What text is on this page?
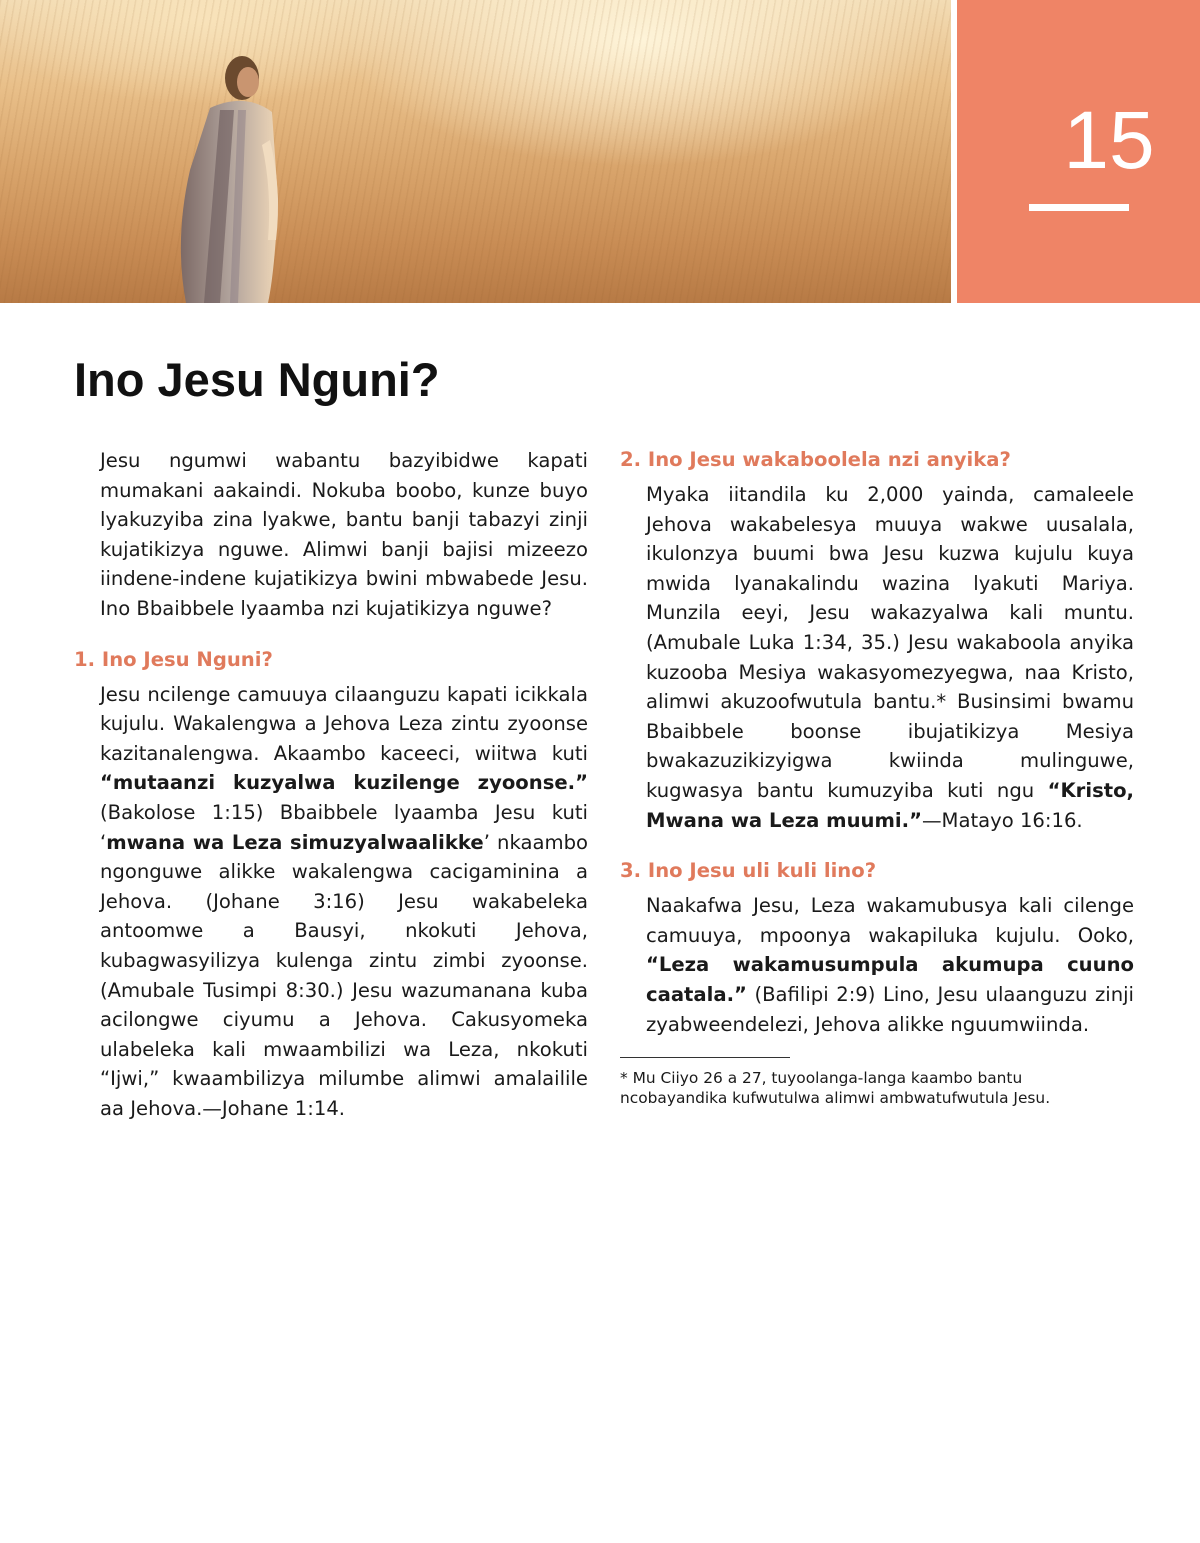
15
Ino Jesu Nguni?

Jesu ngumwi wabantu bazyibidwe kapati mumakani aakaindi. Nokuba boobo, kunze buyo lyakuzyiba zina lyakwe, bantu banji tabazyi zinji kujatikizya nguwe. Alimwi banji bajisi mizeezo iindene-indene kujatikizya bwini mbwabede Jesu. Ino Bbaibbele lyaamba nzi kujatikizya nguwe?

1. Ino Jesu Nguni?

Jesu ncilenge camuuya cilaanguzu kapati icikkala kujulu. Wakalengwa a Jehova Leza zintu zyoonse kazitanalengwa. Akaambo kaceeci, wiitwa kuti “mutaanzi kuzyalwa kuzilenge zyoonse.” (Bakolose 1:15) Bbaibbele lyaamba Jesu kuti ‘mwana wa Leza simuzyalwaalikke’ nkaambo ngonguwe alikke wakalengwa cacigaminina a Jehova. (Johane 3:16) Jesu wakabeleka antoomwe a Bausyi, nkokuti Jehova, kubagwasyilizya kulenga zintu zimbi zyoonse. (Amubale Tusimpi 8:30.) Jesu wazumanana kuba acilongwe ciyumu a Jehova. Cakusyomeka ulabeleka kali mwaambilizi wa Leza, nkokuti “Ijwi,” kwaambilizya milumbe alimwi amalailile aa Jehova.—Johane 1:14.

2. Ino Jesu wakaboolela nzi anyika?

Myaka iitandila ku 2,000 yainda, camaleele Jehova wakabelesya muuya wakwe uusalala, ikulonzya buumi bwa Jesu kuzwa kujulu kuya mwida lyanakalindu wazina lyakuti Mariya. Munzila eeyi, Jesu wakazyalwa kali muntu. (Amubale Luka 1:34, 35.) Jesu wakaboola anyika kuzooba Mesiya wakasyomezyegwa, naa Kristo, alimwi akuzoofwutula bantu.* Businsimi bwamu Bbaibbele boonse ibujatikizya Mesiya bwakazuzikizyigwa kwiinda mulinguwe, kugwasya bantu kumuzyiba kuti ngu “Kristo, Mwana wa Leza muumi.”—Matayo 16:16.

3. Ino Jesu uli kuli lino?

Naakafwa Jesu, Leza wakamubusya kali cilenge camuuya, mpoonya wakapiluka kujulu. Ooko, “Leza wakamusumpula akumupa cuuno caatala.” (Bafilipi 2:9) Lino, Jesu ulaanguzu zinji zyabweendelezi, Jehova alikke nguumwiinda.

* Mu Ciiyo 26 a 27, tuyoolanga-langa kaambo bantu ncobayandika kufwutulwa alimwi ambwatufwutula Jesu.
